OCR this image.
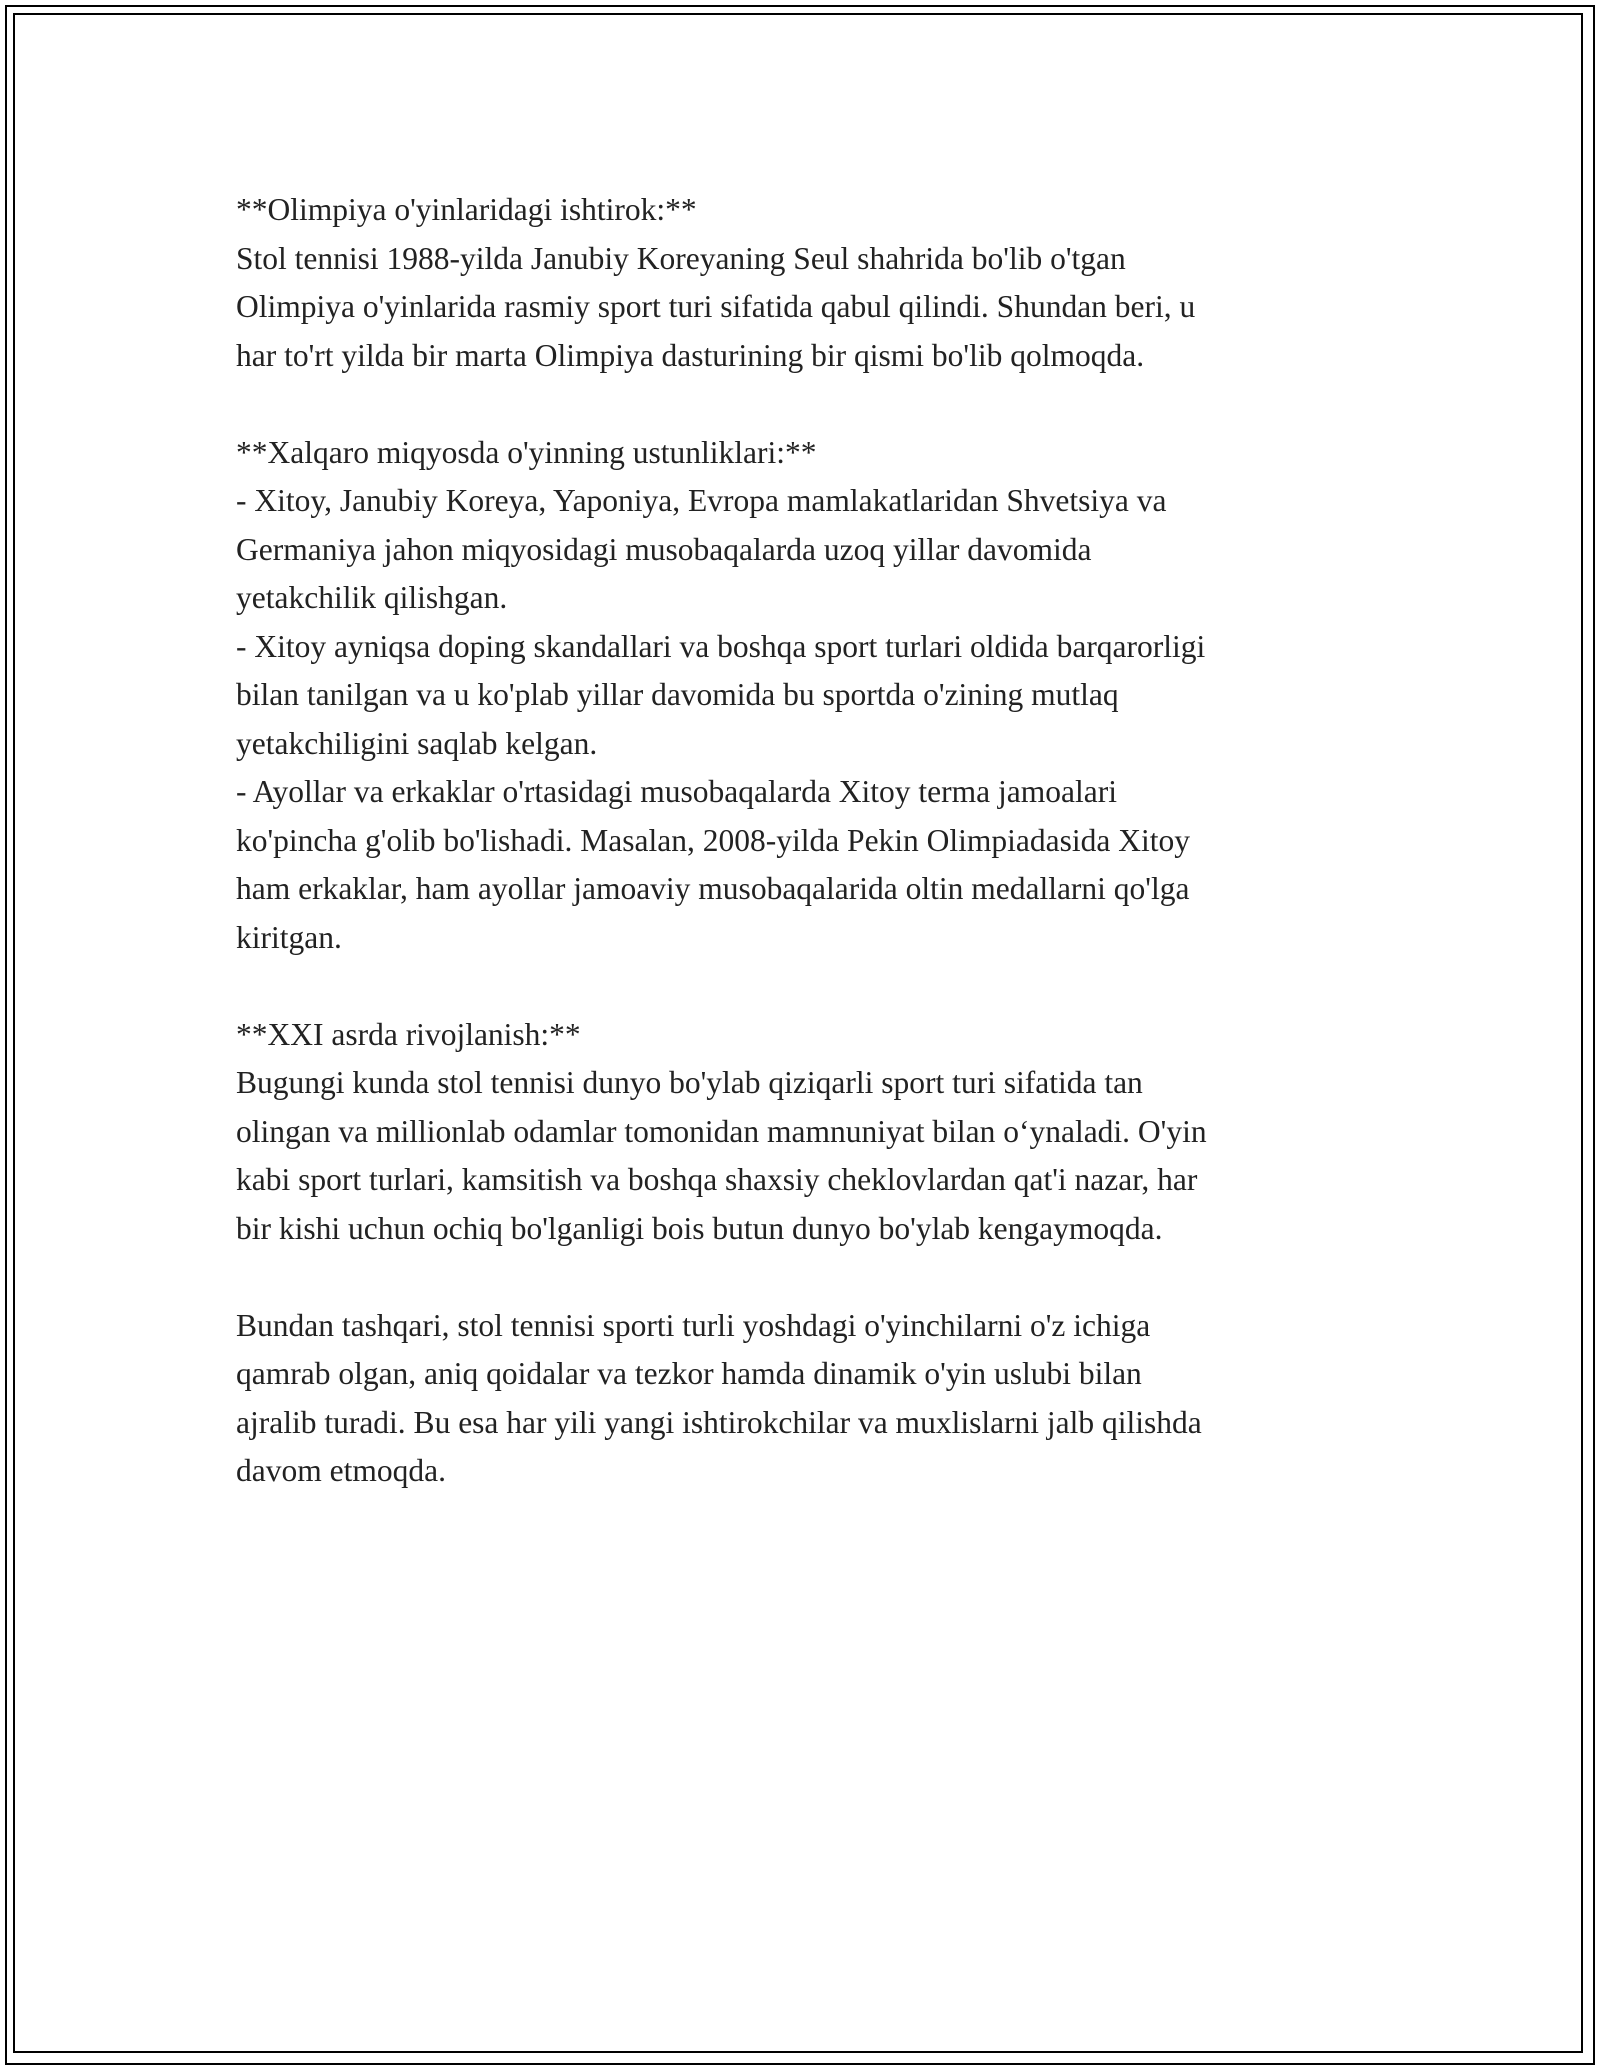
**Olimpiya o'yinlaridagi ishtirok:**
Stol tennisi 1988-yilda Janubiy Koreyaning Seul shahrida bo'lib o'tgan
Olimpiya o'yinlarida rasmiy sport turi sifatida qabul qilindi. Shundan beri, u
har to'rt yilda bir marta Olimpiya dasturining bir qismi bo'lib qolmoqda.

**Xalqaro miqyosda o'yinning ustunliklari:**
- Xitoy, Janubiy Koreya, Yaponiya, Evropa mamlakatlaridan Shvetsiya va
Germaniya jahon miqyosidagi musobaqalarda uzoq yillar davomida
yetakchilik qilishgan.
- Xitoy ayniqsa doping skandallari va boshqa sport turlari oldida barqarorligi
bilan tanilgan va u ko'plab yillar davomida bu sportda o'zining mutlaq
yetakchiligini saqlab kelgan.
- Ayollar va erkaklar o'rtasidagi musobaqalarda Xitoy terma jamoalari
ko'pincha g'olib bo'lishadi. Masalan, 2008-yilda Pekin Olimpiadasida Xitoy
ham erkaklar, ham ayollar jamoaviy musobaqalarida oltin medallarni qo'lga
kiritgan.

**XXI asrda rivojlanish:**
Bugungi kunda stol tennisi dunyo bo'ylab qiziqarli sport turi sifatida tan
olingan va millionlab odamlar tomonidan mamnuniyat bilan o‘ynaladi. O'yin
kabi sport turlari, kamsitish va boshqa shaxsiy cheklovlardan qat'i nazar, har
bir kishi uchun ochiq bo'lganligi bois butun dunyo bo'ylab kengaymoqda.

Bundan tashqari, stol tennisi sporti turli yoshdagi o'yinchilarni o'z ichiga
qamrab olgan, aniq qoidalar va tezkor hamda dinamik o'yin uslubi bilan
ajralib turadi. Bu esa har yili yangi ishtirokchilar va muxlislarni jalb qilishda
davom etmoqda.
